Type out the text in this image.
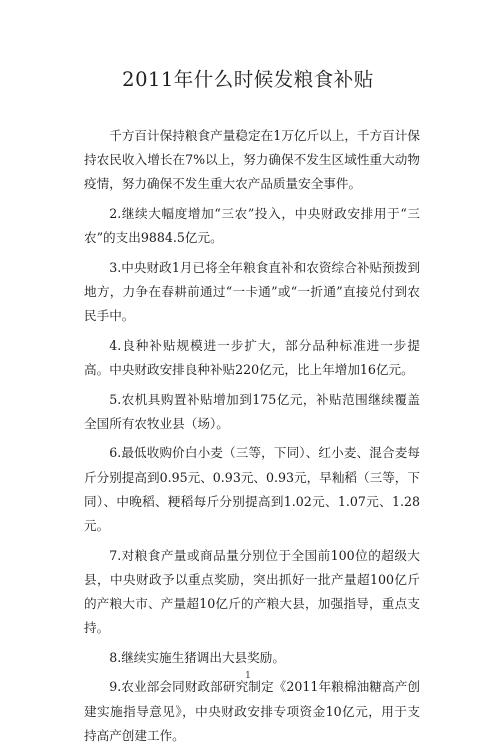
2011年什么时候发粮食补贴

千方百计保持粮食产量稳定在1万亿斤以上，千方百计保持农民收入增长在7%以上，努力确保不发生区域性重大动物疫情，努力确保不发生重大农产品质量安全事件。

2.继续大幅度增加“三农”投入，中央财政安排用于“三农”的支出9884.5亿元。

3.中央财政1月已将全年粮食直补和农资综合补贴预拨到地方，力争在春耕前通过“一卡通”或“一折通”直接兑付到农民手中。

4.良种补贴规模进一步扩大，部分品种标准进一步提高。中央财政安排良种补贴220亿元，比上年增加16亿元。

5.农机具购置补贴增加到175亿元，补贴范围继续覆盖全国所有农牧业县（场）。

6.最低收购价白小麦（三等，下同）、红小麦、混合麦每斤分别提高到0.95元、0.93元、0.93元，早籼稻（三等，下同）、中晚稻、粳稻每斤分别提高到1.02元、1.07元、1.28元。

7.对粮食产量或商品量分别位于全国前100位的超级大县，中央财政予以重点奖励，突出抓好一批产量超100亿斤的产粮大市、产量超10亿斤的产粮大县，加强指导，重点支持。

8.继续实施生猪调出大县奖励。

9.农业部会同财政部研究制定《2011年粮棉油糖高产创建实施指导意见》，中央财政安排专项资金10亿元，用于支持高产创建工作。

1
